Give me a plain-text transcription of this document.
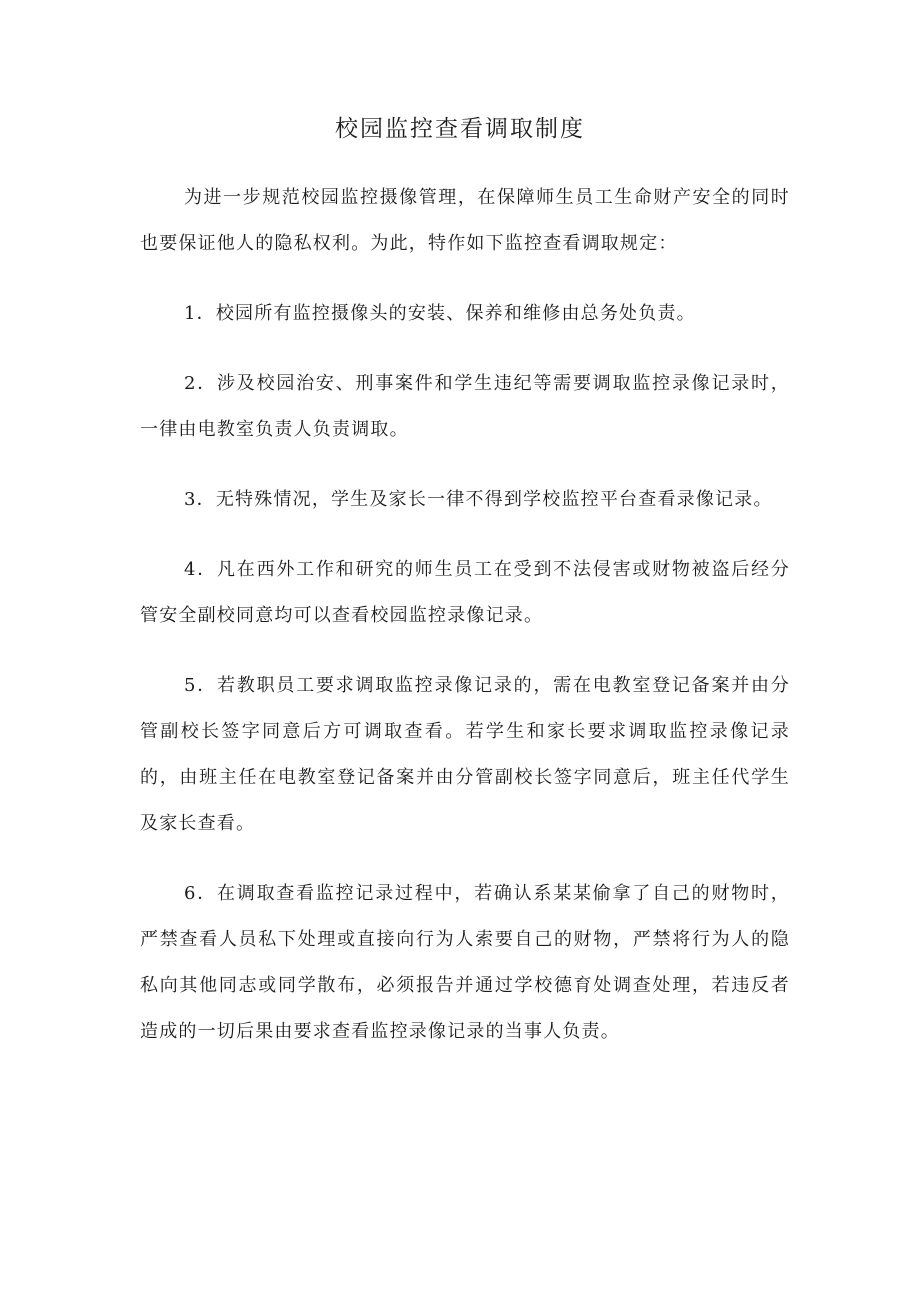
校园监控查看调取制度

为进一步规范校园监控摄像管理，在保障师生员工生命财产安全的同时也要保证他人的隐私权利。为此，特作如下监控查看调取规定：

1．校园所有监控摄像头的安装、保养和维修由总务处负责。

2．涉及校园治安、刑事案件和学生违纪等需要调取监控录像记录时，一律由电教室负责人负责调取。

3．无特殊情况，学生及家长一律不得到学校监控平台查看录像记录。

4．凡在西外工作和研究的师生员工在受到不法侵害或财物被盗后经分管安全副校同意均可以查看校园监控录像记录。

5．若教职员工要求调取监控录像记录的，需在电教室登记备案并由分管副校长签字同意后方可调取查看。若学生和家长要求调取监控录像记录的，由班主任在电教室登记备案并由分管副校长签字同意后，班主任代学生及家长查看。

6．在调取查看监控记录过程中，若确认系某某偷拿了自己的财物时，严禁查看人员私下处理或直接向行为人索要自己的财物，严禁将行为人的隐私向其他同志或同学散布，必须报告并通过学校德育处调查处理，若违反者造成的一切后果由要求查看监控录像记录的当事人负责。
